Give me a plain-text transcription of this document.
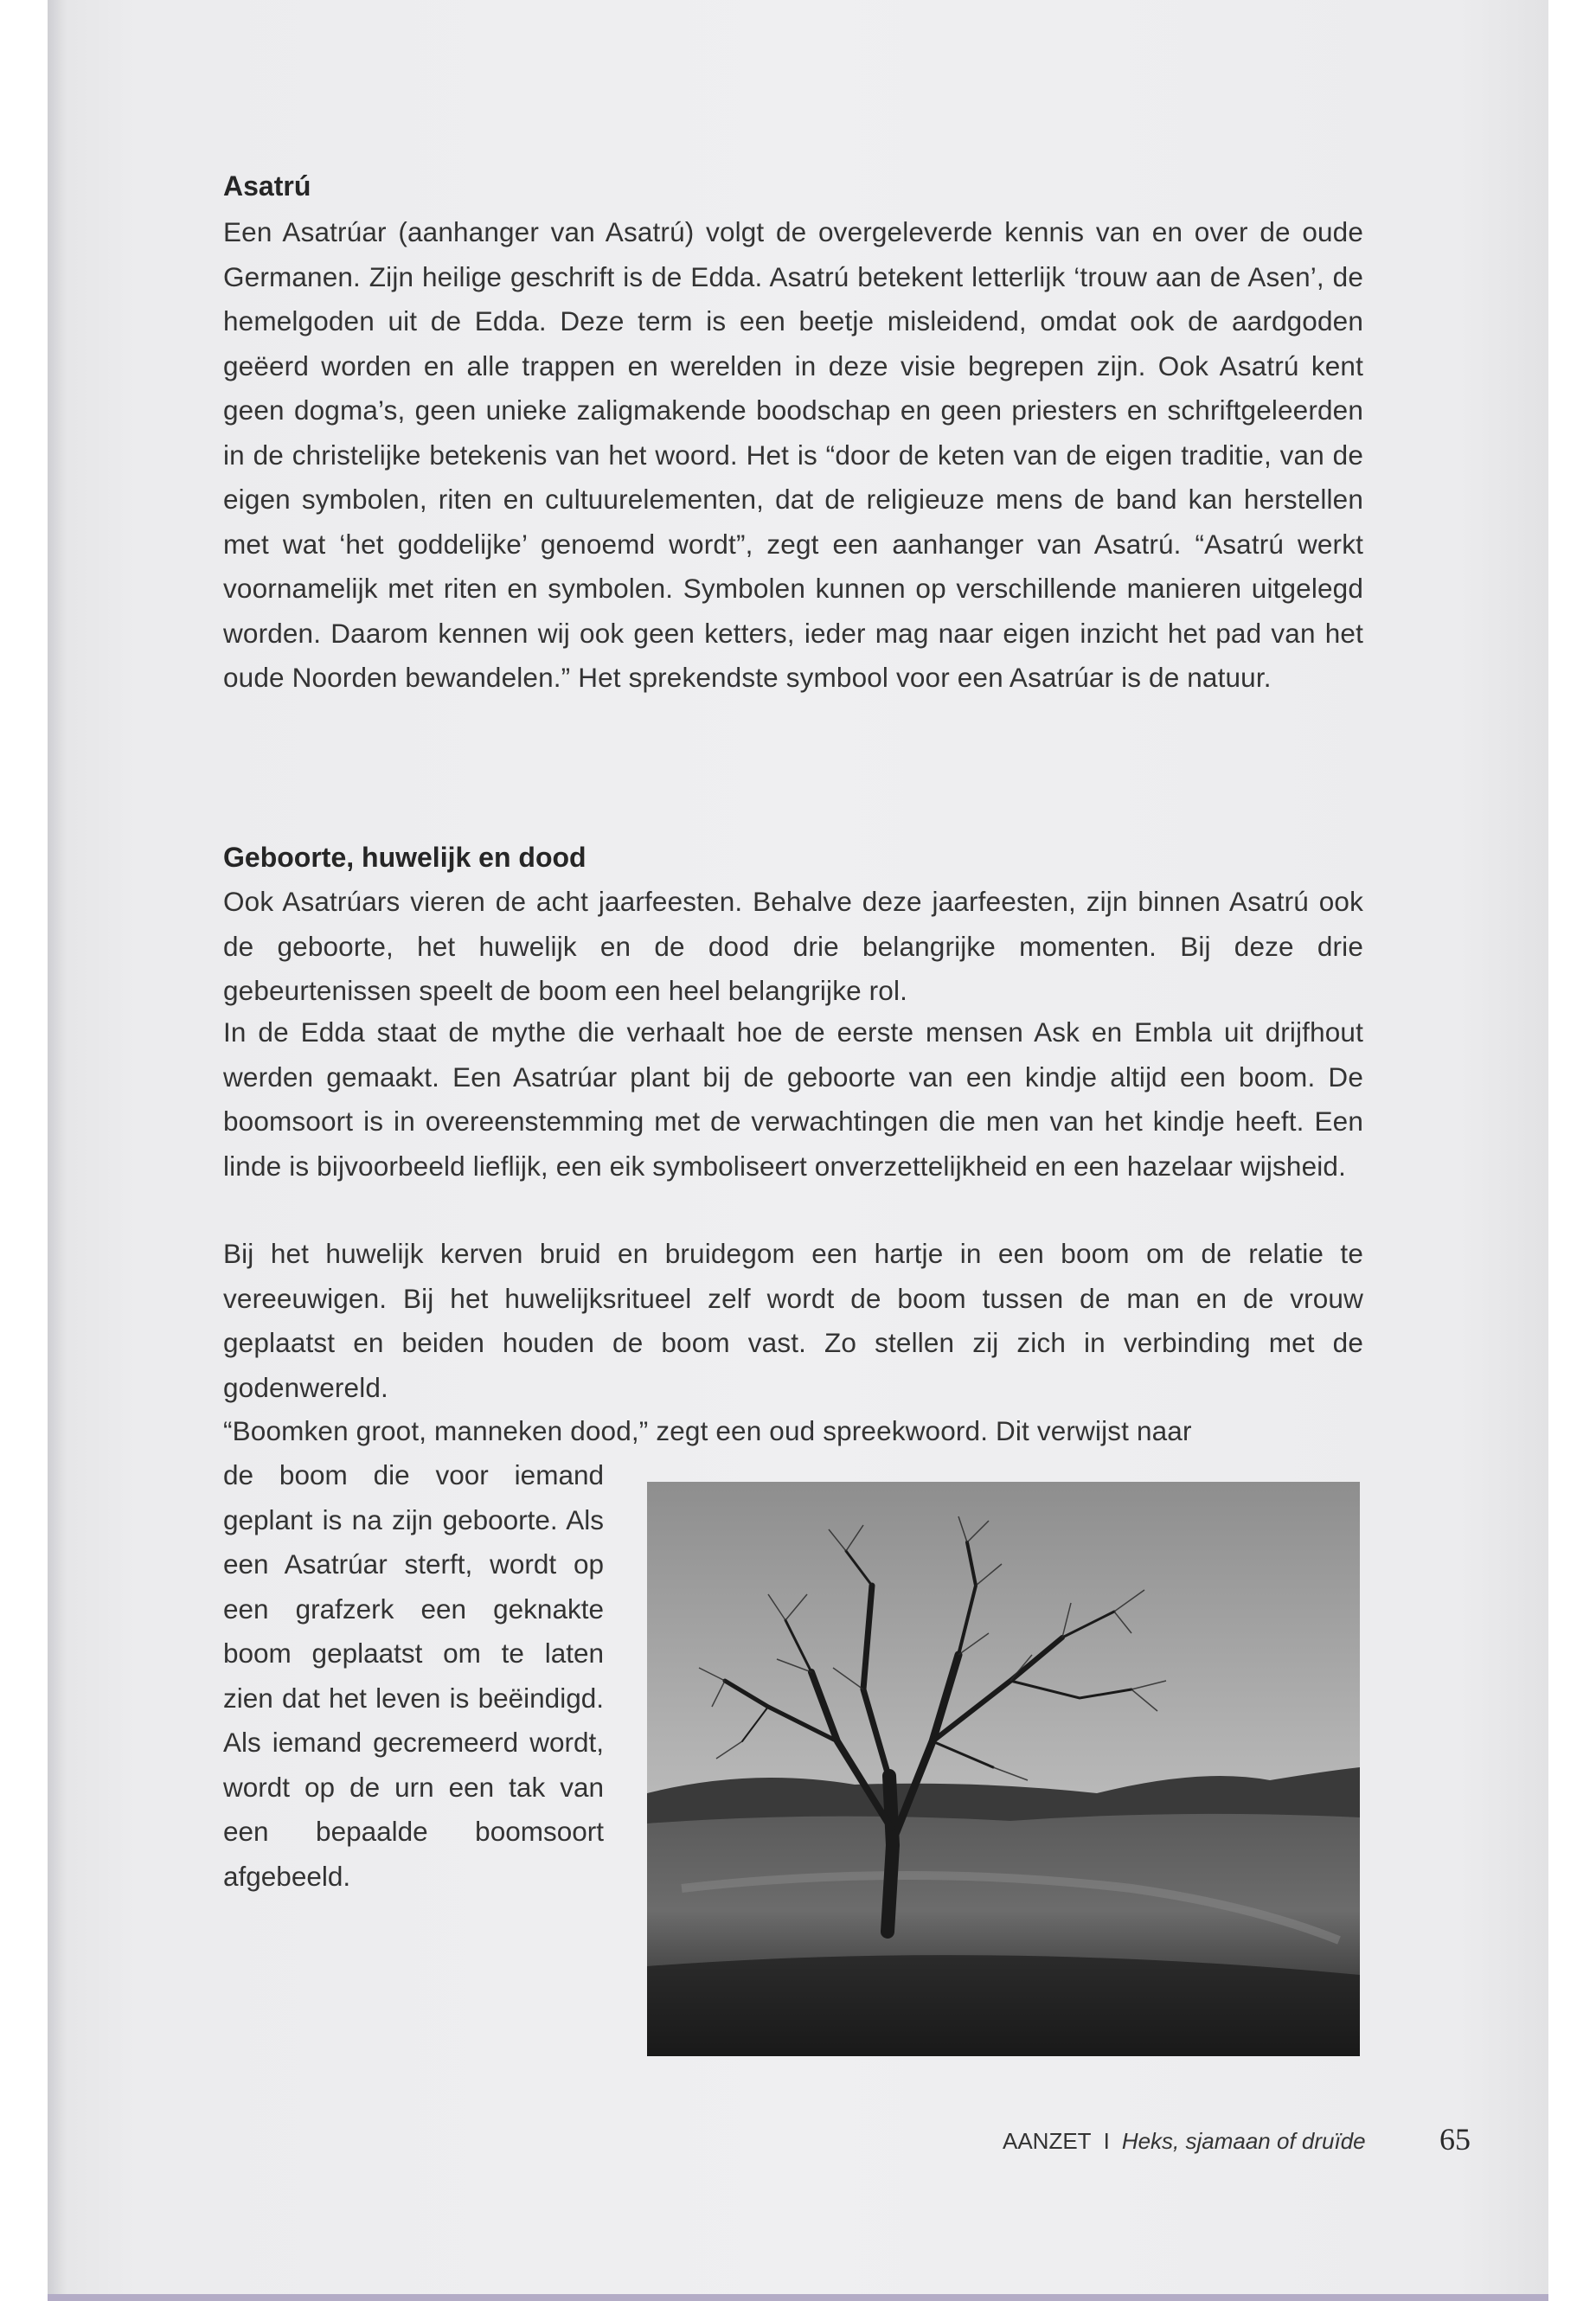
Asatrú

Een Asatrúar (aanhanger van Asatrú) volgt de overgeleverde kennis van en over de oude Germanen. Zijn heilige geschrift is de Edda. Asatrú betekent letterlijk ‘trouw aan de Asen’, de hemelgoden uit de Edda. Deze term is een beetje misleidend, omdat ook de aardgoden geëerd worden en alle trappen en werelden in deze visie begrepen zijn. Ook Asatrú kent geen dogma’s, geen unieke zaligmakende boodschap en geen priesters en schriftgeleerden in de christelijke betekenis van het woord. Het is “door de keten van de eigen traditie, van de eigen symbolen, riten en cultuurelementen, dat de religieuze mens de band kan herstellen met wat ‘het goddelijke’ genoemd wordt”, zegt een aanhanger van Asatrú. “Asatrú werkt voornamelijk met riten en symbolen. Symbolen kunnen op verschillende manieren uitgelegd worden. Daarom kennen wij ook geen ketters, ieder mag naar eigen inzicht het pad van het oude Noorden bewandelen.” Het sprekendste symbool voor een Asatrúar is de natuur.

Geboorte, huwelijk en dood

Ook Asatrúars vieren de acht jaarfeesten. Behalve deze jaarfeesten, zijn binnen Asatrú ook de geboorte, het huwelijk en de dood drie belangrijke momenten. Bij deze drie gebeurtenissen speelt de boom een heel belangrijke rol.

In de Edda staat de mythe die verhaalt hoe de eerste mensen Ask en Embla uit drijfhout werden gemaakt. Een Asatrúar plant bij de geboorte van een kindje altijd een boom. De boomsoort is in overeenstemming met de verwachtingen die men van het kindje heeft. Een linde is bijvoorbeeld lieflijk, een eik symboliseert onverzettelijkheid en een hazelaar wijsheid.

Bij het huwelijk kerven bruid en bruidegom een hartje in een boom om de relatie te vereeuwigen. Bij het huwelijksritueel zelf wordt de boom tussen de man en de vrouw geplaatst en beiden houden de boom vast. Zo stellen zij zich in verbinding met de godenwereld.

“Boomken groot, manneken dood,” zegt een oud spreekwoord. Dit verwijst naar

de boom die voor iemand geplant is na zijn geboorte. Als een Asatrúar sterft, wordt op een grafzerk een geknakte boom geplaatst om te laten zien dat het leven is beëindigd. Als iemand gecremeerd wordt, wordt op de urn een tak van een bepaalde boomsoort afgebeeld.

AANZET I Heks, sjamaan of druïde 65
